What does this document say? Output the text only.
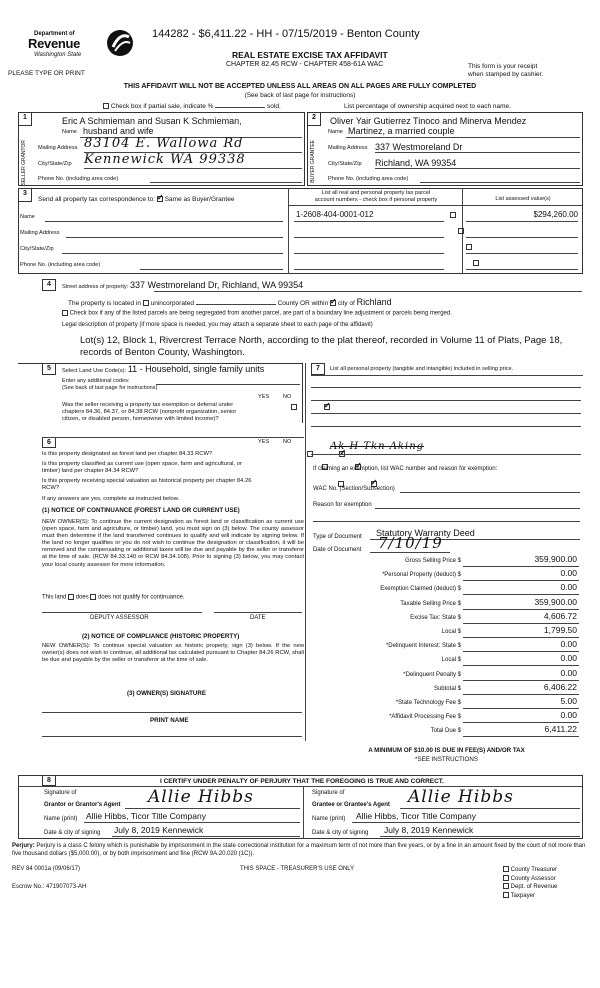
Department of
Revenue
Washington State
PLEASE TYPE OR PRINT
144282 - $6,411.22 - HH - 07/15/2019 - Benton County
REAL ESTATE EXCISE TAX AFFIDAVIT
CHAPTER 82.45 RCW - CHAPTER 458-61A WAC	This form is your receipt
when stamped by cashier.
THIS AFFIDAVIT WILL NOT BE ACCEPTED UNLESS ALL AREAS ON ALL PAGES ARE FULLY COMPLETED
(See back of last page for instructions)
Check box if partial sale, indicate %	sold.	List percentage of ownership acquired next to each name.
1
SELLER GRANTOR
Eric A Schmieman and Susan K Schmieman,
Name husband and wife
Mailing Address 83104 E. Wallowa Rd
City/State/Zip Kennewick WA 99338
Phone No. (including area code)
2
BUYER GRANTEE
Oliver Yair Gutierrez Tinoco and Minerva Mendez
Name Martinez, a married couple
Mailing Address 337 Westmoreland Dr
City/State/Zip Richland, WA 99354
Phone No. (including area code)
3
Send all property tax correspondence to: ✓ Same as Buyer/Grantee
List all real and personal property tax parcel
account numbers - check box if personal property	List assessed value(s)
Name
Mailing Address
City/State/Zip
Phone No. (including area code)
1-2608-404-0001-012
	$294,260.00

4	Street address of property: 337 Westmoreland Dr, Richland, WA 99354
The property is located in unincorporated	County OR within ✓ city of Richland
Check box if any of the listed parcels are being segregated from another parcel, are part of a boundary line adjustment or parcels being merged.
Legal description of property (if more space is needed, you may attach a separate sheet to each page of the affidavit)
Lot(s) 12, Block 1, Rivercrest Terrace North, according to the plat thereof, recorded in Volume 11 of Plats, Page 18, records of Benton County, Washington.
5	Select Land Use Code(s): 11 - Household, single family units
Enter any additional codes:
(See back of last page for instructions)
YES NO
Was the seller receiving a property tax exemption or deferral under chapters 84.36, 84.37, or 84.38 RCW (nonprofit organization, senior citizen, or disabled person, homeowner with limited income)?
✓
6	YES NO
Is this property designated as forest land per chapter 84.33 RCW?
✓
Is this property classified as current use (open space, farm and agricultural, or timber) land per chapter 84.34 RCW?
✓
Is this property receiving special valuation as historical property per chapter 84.26 RCW?
✓
If any answers are yes, complete as instructed below.
(1) NOTICE OF CONTINUANCE (FOREST LAND OR CURRENT USE)
NEW OWNER(S): To continue the current designation as forest land or classification as current use (open space, farm and agriculture, or timber) land, you must sign on (3) below. The county assessor must then determine if the land transferred continues to qualify and will indicate by signing below. If the land no longer qualifies or you do not wish to continue the designation or classification, it will be removed and the compensating or additional taxes will be due and payable by the seller or transferor at the time of sale. (RCW 84.33.140 or RCW 84.34.108). Prior to signing (3) below, you may contact your local county assessor for more information.
This land does does not qualify for continuance.
DEPUTY ASSESSOR	DATE
(2) NOTICE OF COMPLIANCE (HISTORIC PROPERTY)
NEW OWNER(S): To continue special valuation as historic property, sign (3) below. If the new owner(s) does not wish to continue, all additional tax calculated pursuant to Chapter 84.26 RCW, shall be due and payable by the seller or transferor at the time of sale.
(3) OWNER(S) SIGNATURE
PRINT NAME
7	List all personal property (tangible and intangible) included in selling price.
Ak H Tkn Aking
If claiming an exemption, list WAC number and reason for exemption:
WAC No. (Section/Subsection)
Reason for exemption
Type of Document Statutory Warranty Deed
Date of Document 7/10/19
Gross Selling Price $	359,900.00
*Personal Property (deduct) $	0.00
Exemption Claimed (deduct) $	0.00
Taxable Selling Price $	359,900.00
Excise Tax: State $	4,606.72
Local $	1,799.50
*Delinquent Interest: State $	0.00
Local $	0.00
*Delinquent Penalty $	0.00
Subtotal $	6,406.22
*State Technology Fee $	5.00
*Affidavit Processing Fee $	0.00
Total Due $	6,411.22
A MINIMUM OF $10.00 IS DUE IN FEE(S) AND/OR TAX
*SEE INSTRUCTIONS
8	I CERTIFY UNDER PENALTY OF PERJURY THAT THE FOREGOING IS TRUE AND CORRECT.
Signature of
Grantor or Grantor's Agent Allie Hibbs
Name (print) Allie Hibbs, Ticor Title Company
Date & city of signing July 8, 2019 Kennewick
Signature of
Grantee or Grantee's Agent Allie Hibbs
Name (print) Allie Hibbs, Ticor Title Company
Date & city of signing July 8, 2019 Kennewick
Perjury: Perjury is a class C felony which is punishable by imprisonment in the state correctional institution for a maximum term of not more than five years, or by a fine in an amount fixed by the court of not more than five thousand dollars ($5,000.00), or by both imprisonment and fine (RCW 9A.20.020 (1C)).
REV 84 0001a (09/06/17)	THIS SPACE - TREASURER'S USE ONLY
Escrow No.: 471907073-AH
County Treasurer
County Assessor
Dept. of Revenue
Taxpayer
